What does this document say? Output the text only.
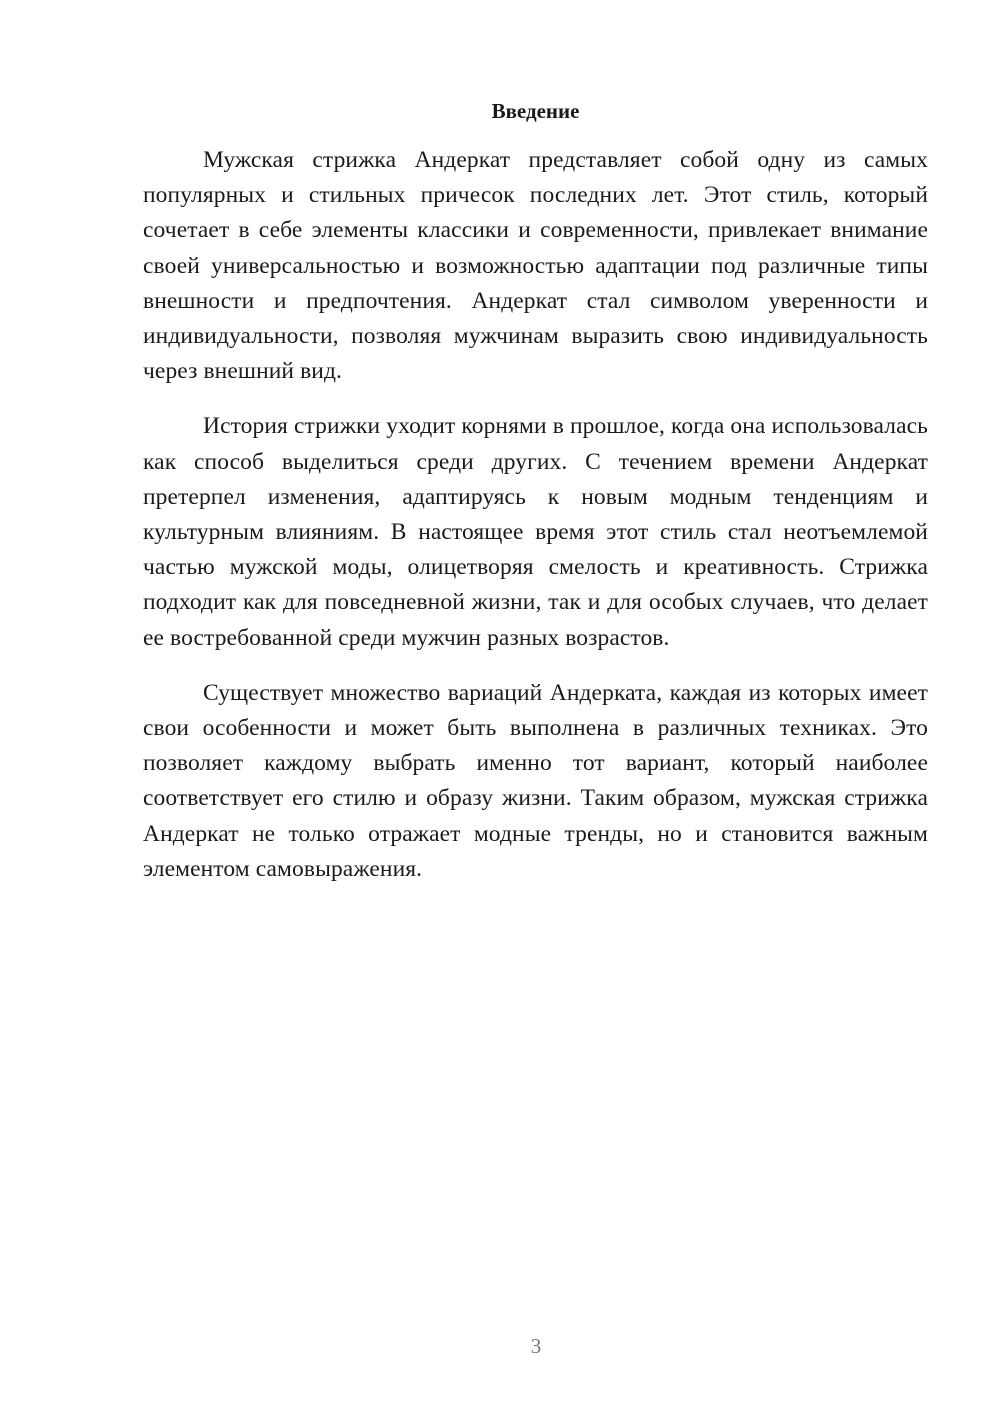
Введение

Мужская стрижка Андеркат представляет собой одну из самых популярных и стильных причесок последних лет. Этот стиль, который сочетает в себе элементы классики и современности, привлекает внимание своей универсальностью и возможностью адаптации под различные типы внешности и предпочтения. Андеркат стал символом уверенности и индивидуальности, позволяя мужчинам выразить свою индивидуальность через внешний вид.

История стрижки уходит корнями в прошлое, когда она использовалась как способ выделиться среди других. С течением времени Андеркат претерпел изменения, адаптируясь к новым модным тенденциям и культурным влияниям. В настоящее время этот стиль стал неотъемлемой частью мужской моды, олицетворяя смелость и креативность. Стрижка подходит как для повседневной жизни, так и для особых случаев, что делает ее востребованной среди мужчин разных возрастов.

Существует множество вариаций Андерката, каждая из которых имеет свои особенности и может быть выполнена в различных техниках. Это позволяет каждому выбрать именно тот вариант, который наиболее соответствует его стилю и образу жизни. Таким образом, мужская стрижка Андеркат не только отражает модные тренды, но и становится важным элементом самовыражения.

3
